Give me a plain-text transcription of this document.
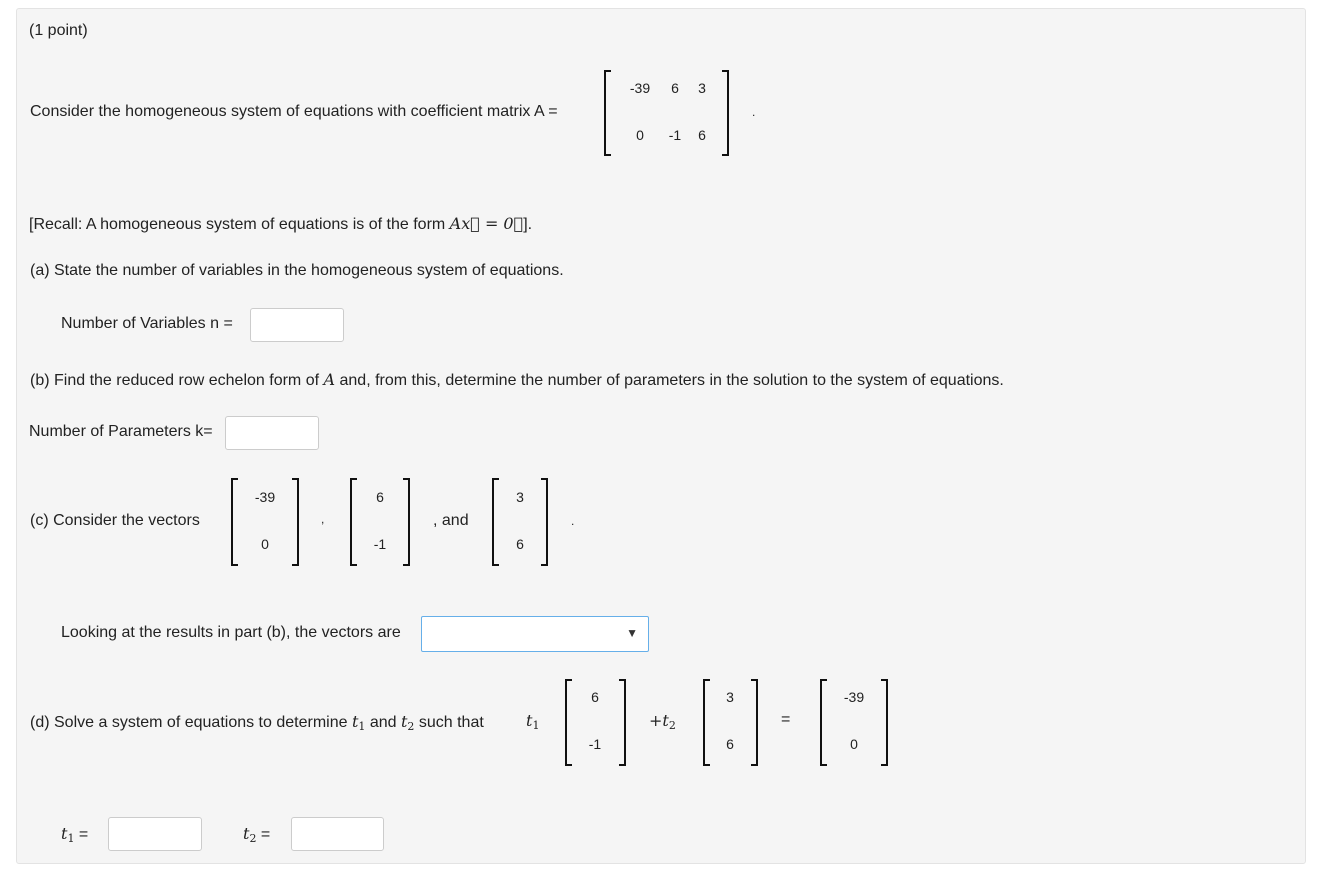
(1 point)
Consider the homogeneous system of equations with coefficient matrix A =
-39	6	3
0	-1	6
.
[Recall: A homogeneous system of equations is of the form Ax⃗ = 0⃗].
(a) State the number of variables in the homogeneous system of equations.
Number of Variables n =
(b) Find the reduced row echelon form of A and, from this, determine the number of parameters in the solution to the system of equations.
Number of Parameters k=
(c) Consider the vectors
-39
0
,
6
-1
, and
3
6
.
Looking at the results in part (b), the vectors are	▼
(d) Solve a system of equations to determine $t_1$ and $t_2$ such that	$t_1$
6
-1
$+t_2$
3
6
=
-39
0
$t_1$ =	$t_2$ =
